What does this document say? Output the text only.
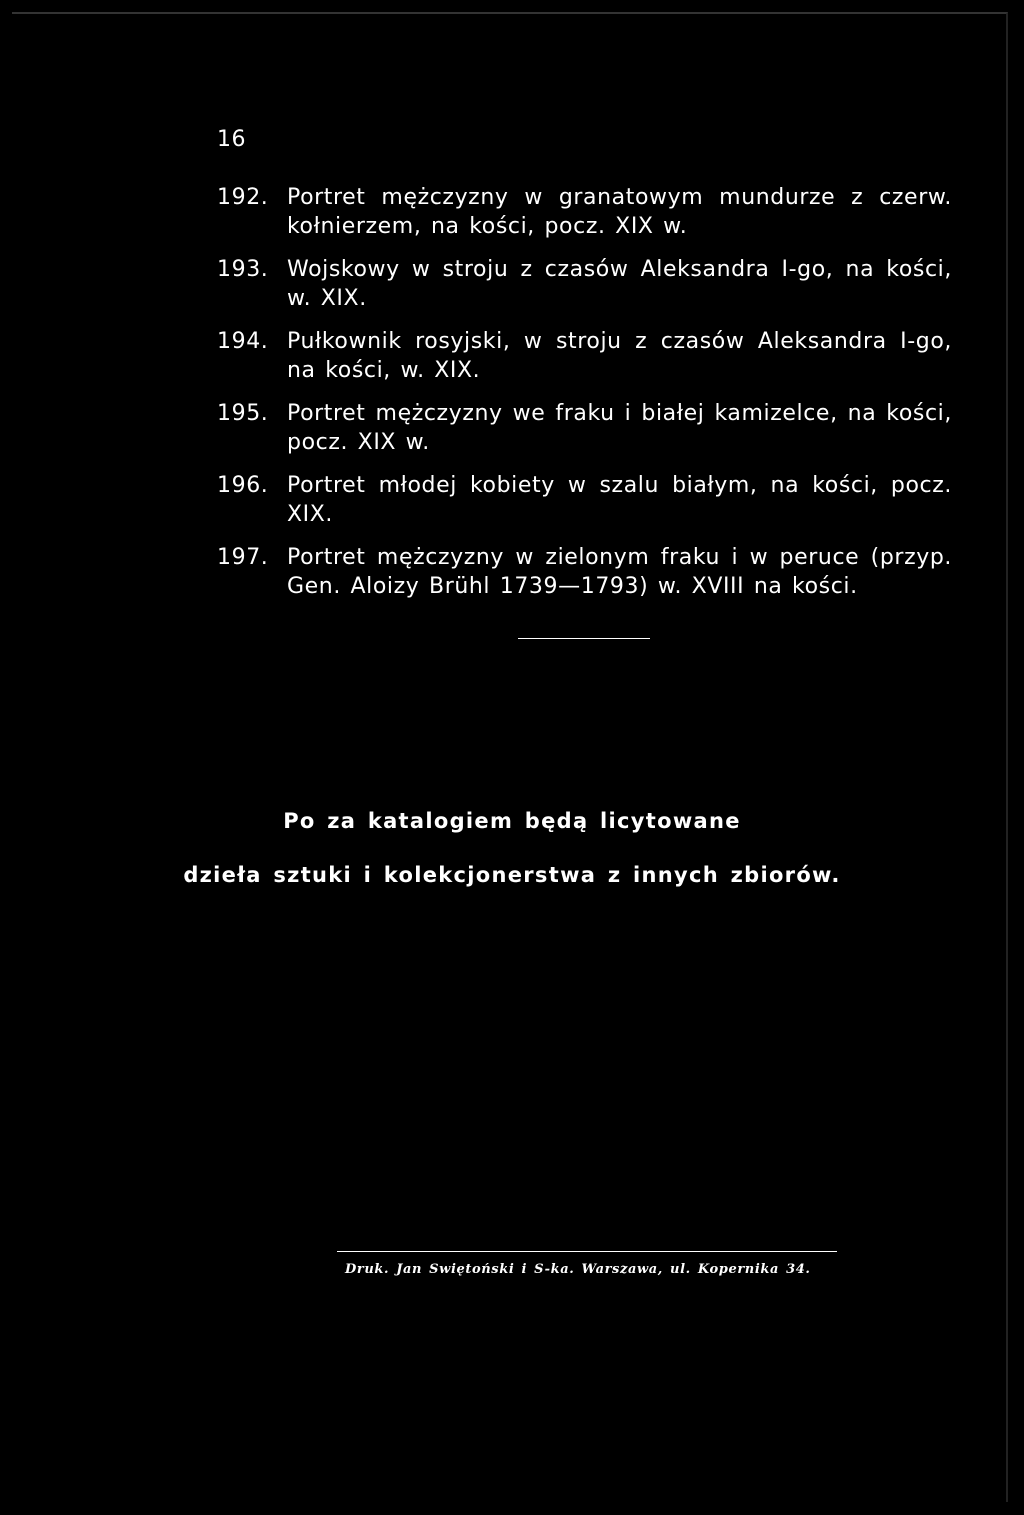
16
192. Portret mężczyzny w granatowym mundurze z czerw. kołnierzem, na kości, pocz. XIX w.
193. Wojskowy w stroju z czasów Aleksandra I-go, na kości, w. XIX.
194. Pułkownik rosyjski, w stroju z czasów Aleksandra I-go, na kości, w. XIX.
195. Portret mężczyzny we fraku i białej kamizelce, na kości, pocz. XIX w.
196. Portret młodej kobiety w szalu białym, na kości, pocz. XIX.
197. Portret mężczyzny w zielonym fraku i w peruce (przyp. Gen. Aloizy Brühl 1739—1793) w. XVIII na kości.
Po za katalogiem będą licytowane
dzieła sztuki i kolekcjonerstwa z innych zbiorów.
Druk. Jan Swiętoński i S-ka. Warszawa, ul. Kopernika 34.
